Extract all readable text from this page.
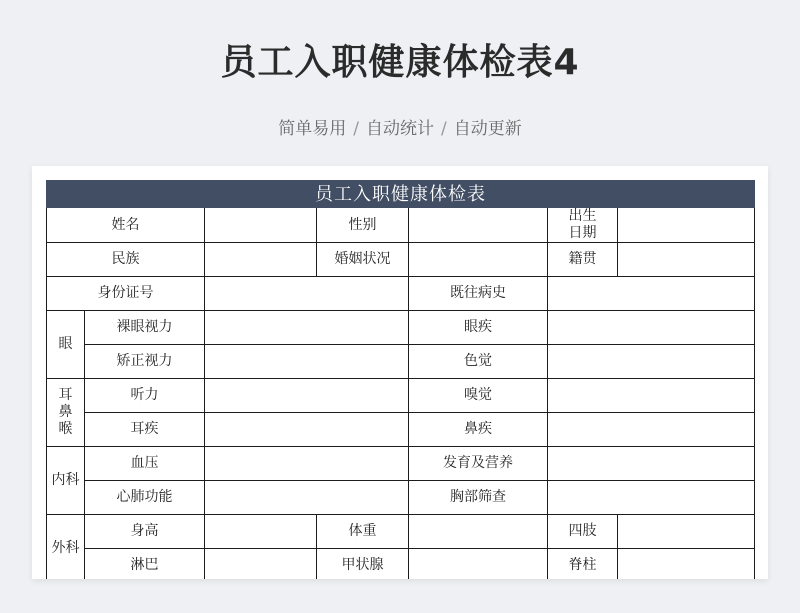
员工入职健康体检表4
简单易用 / 自动统计 / 自动更新
员工入职健康体检表						
姓名			性别		出生日期	
民族			婚姻状况		籍贯	
身份证号				既往病史		
眼	裸眼视力			眼疾		
	矫正视力			色觉		
耳鼻喉	听力			嗅觉		
	耳疾			鼻疾		
内科	血压			发育及营养		
	心肺功能			胸部筛查		
外科	身高		体重		四肢	
	淋巴		甲状腺		脊柱	
